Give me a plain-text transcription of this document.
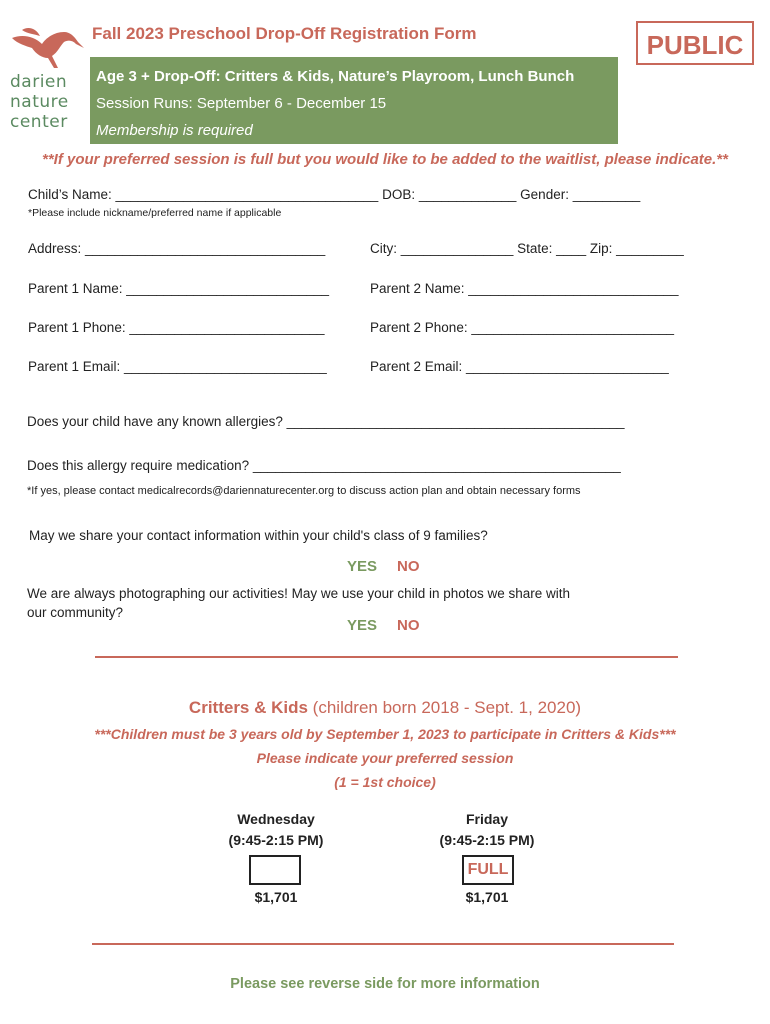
darien
nature
center
Fall 2023 Preschool Drop-Off Registration Form	PUBLIC
Age 3 + Drop-Off: Critters & Kids, Nature’s Playroom, Lunch Bunch
Session Runs: September 6 - December 15
Membership is required
**If your preferred session is full but you would like to be added to the waitlist, please indicate.**
Child’s Name: ___________________________________ DOB: _____________ Gender: _________
*Please include nickname/preferred name if applicable
Address: ________________________________	City: _______________ State: ____ Zip: _________
Parent 1 Name: ___________________________	Parent 2 Name: ____________________________
Parent 1 Phone: __________________________	Parent 2 Phone: ___________________________
Parent 1 Email: ___________________________	Parent 2 Email: ___________________________
Does your child have any known allergies? _____________________________________________
Does this allergy require medication? _________________________________________________
*If yes, please contact medicalrecords@dariennaturecenter.org to discuss action plan and obtain necessary forms
May we share your contact information within your child's class of 9 families?
YES NO
We are always photographing our activities! May we use your child in photos we share with
our community?
YES NO
Critters & Kids (children born 2018 - Sept. 1, 2020)
***Children must be 3 years old by September 1, 2023 to participate in Critters & Kids***
Please indicate your preferred session
(1 = 1st choice)
Wednesday
(9:45-2:15 PM)
$1,701
Friday
(9:45-2:15 PM)
FULL
$1,701
Please see reverse side for more information
